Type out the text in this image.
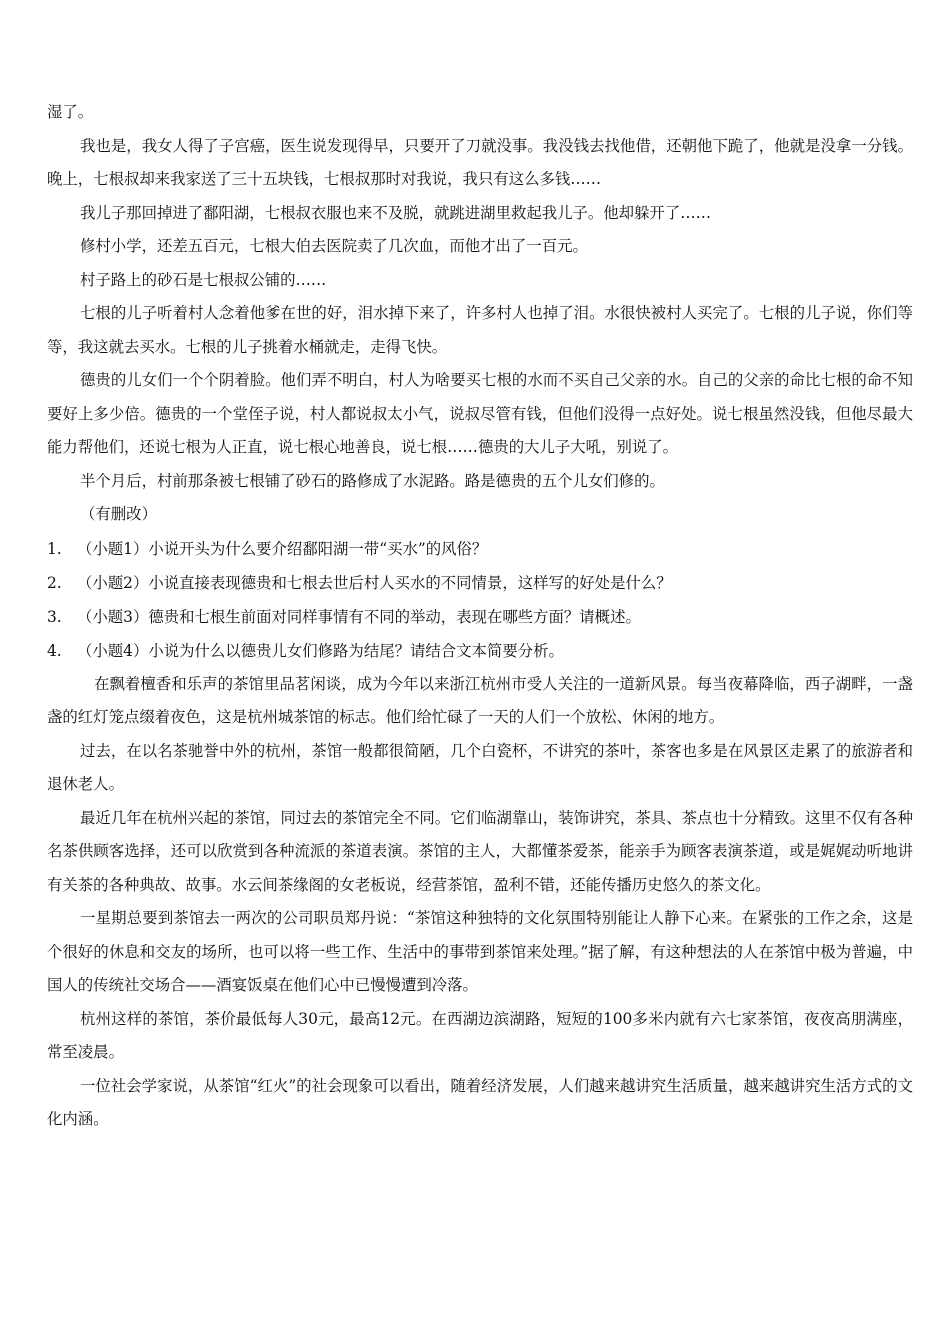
湿了。

我也是，我女人得了子宫癌，医生说发现得早，只要开了刀就没事。我没钱去找他借，还朝他下跪了，他就是没拿一分钱。晚上，七根叔却来我家送了三十五块钱，七根叔那时对我说，我只有这么多钱……

我儿子那回掉进了鄱阳湖，七根叔衣服也来不及脱，就跳进湖里救起我儿子。他却躲开了……

修村小学，还差五百元，七根大伯去医院卖了几次血，而他才出了一百元。

村子路上的砂石是七根叔公铺的……

七根的儿子听着村人念着他爹在世的好，泪水掉下来了，许多村人也掉了泪。水很快被村人买完了。七根的儿子说，你们等等，我这就去买水。七根的儿子挑着水桶就走，走得飞快。

德贵的儿女们一个个阴着脸。他们弄不明白，村人为啥要买七根的水而不买自己父亲的水。自己的父亲的命比七根的命不知要好上多少倍。德贵的一个堂侄子说，村人都说叔太小气，说叔尽管有钱，但他们没得一点好处。说七根虽然没钱，但他尽最大能力帮他们，还说七根为人正直，说七根心地善良，说七根……德贵的大儿子大吼，别说了。

半个月后，村前那条被七根铺了砂石的路修成了水泥路。路是德贵的五个儿女们修的。

（有删改）

1. （小题1）小说开头为什么要介绍鄱阳湖一带“买水”的风俗？
2. （小题2）小说直接表现德贵和七根去世后村人买水的不同情景，这样写的好处是什么？
3. （小题3）德贵和七根生前面对同样事情有不同的举动，表现在哪些方面？请概述。
4. （小题4）小说为什么以德贵儿女们修路为结尾？请结合文本简要分析。

在飘着檀香和乐声的茶馆里品茗闲谈，成为今年以来浙江杭州市受人关注的一道新风景。每当夜幕降临，西子湖畔，一盏盏的红灯笼点缀着夜色，这是杭州城茶馆的标志。他们给忙碌了一天的人们一个放松、休闲的地方。

过去，在以名茶驰誉中外的杭州，茶馆一般都很简陋，几个白瓷杯，不讲究的茶叶，茶客也多是在风景区走累了的旅游者和退休老人。

最近几年在杭州兴起的茶馆，同过去的茶馆完全不同。它们临湖靠山，装饰讲究，茶具、茶点也十分精致。这里不仅有各种名茶供顾客选择，还可以欣赏到各种流派的茶道表演。茶馆的主人，大都懂茶爱茶，能亲手为顾客表演茶道，或是娓娓动听地讲有关茶的各种典故、故事。水云间茶缘阁的女老板说，经营茶馆，盈利不错，还能传播历史悠久的茶文化。

一星期总要到茶馆去一两次的公司职员郑丹说：“茶馆这种独特的文化氛围特别能让人静下心来。在紧张的工作之余，这是个很好的休息和交友的场所，也可以将一些工作、生活中的事带到茶馆来处理。”据了解，有这种想法的人在茶馆中极为普遍，中国人的传统社交场合——酒宴饭桌在他们心中已慢慢遭到冷落。

杭州这样的茶馆，茶价最低每人30元，最高12元。在西湖边滨湖路，短短的100多米内就有六七家茶馆，夜夜高朋满座，常至凌晨。

一位社会学家说，从茶馆“红火”的社会现象可以看出，随着经济发展，人们越来越讲究生活质量，越来越讲究生活方式的文化内涵。
